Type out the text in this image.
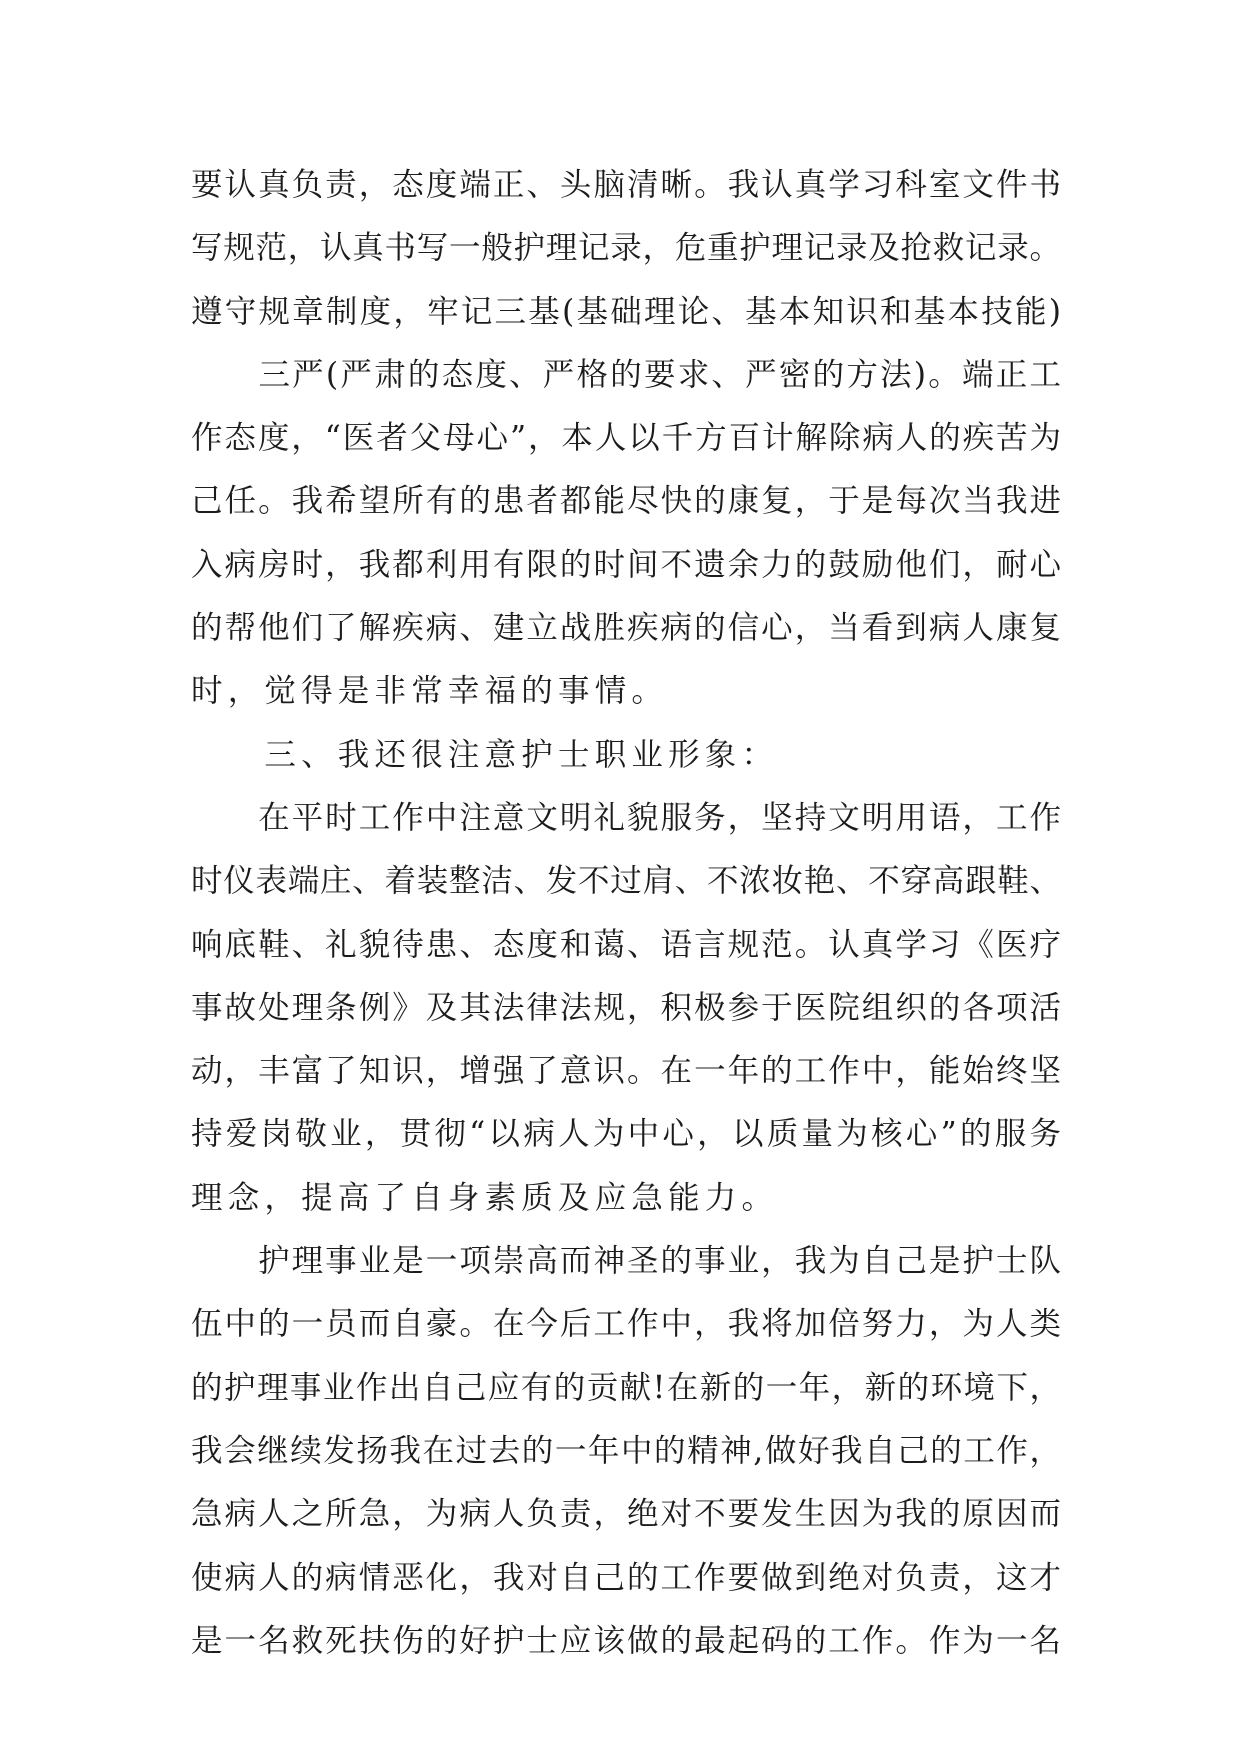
要认真负责，态度端正、头脑清晰。我认真学习科室文件书
写规范，认真书写一般护理记录，危重护理记录及抢救记录。
遵守规章制度，牢记三基(基础理论、基本知识和基本技能)
　　三严(严肃的态度、严格的要求、严密的方法)。端正工
作态度，“医者父母心”，本人以千方百计解除病人的疾苦为
己任。我希望所有的患者都能尽快的康复，于是每次当我进
入病房时，我都利用有限的时间不遗余力的鼓励他们，耐心
的帮他们了解疾病、建立战胜疾病的信心，当看到病人康复
时，觉得是非常幸福的事情。
　　三、我还很注意护士职业形象：
　　在平时工作中注意文明礼貌服务，坚持文明用语，工作
时仪表端庄、着装整洁、发不过肩、不浓妆艳、不穿高跟鞋、
响底鞋、礼貌待患、态度和蔼、语言规范。认真学习《医疗
事故处理条例》及其法律法规，积极参于医院组织的各项活
动，丰富了知识，增强了意识。在一年的工作中，能始终坚
持爱岗敬业，贯彻“以病人为中心，以质量为核心”的服务
理念，提高了自身素质及应急能力。
　　护理事业是一项崇高而神圣的事业，我为自己是护士队
伍中的一员而自豪。在今后工作中，我将加倍努力，为人类
的护理事业作出自己应有的贡献!在新的一年，新的环境下，
我会继续发扬我在过去的一年中的精神,做好我自己的工作，
急病人之所急，为病人负责，绝对不要发生因为我的原因而
使病人的病情恶化，我对自己的工作要做到绝对负责，这才
是一名救死扶伤的好护士应该做的最起码的工作。作为一名
